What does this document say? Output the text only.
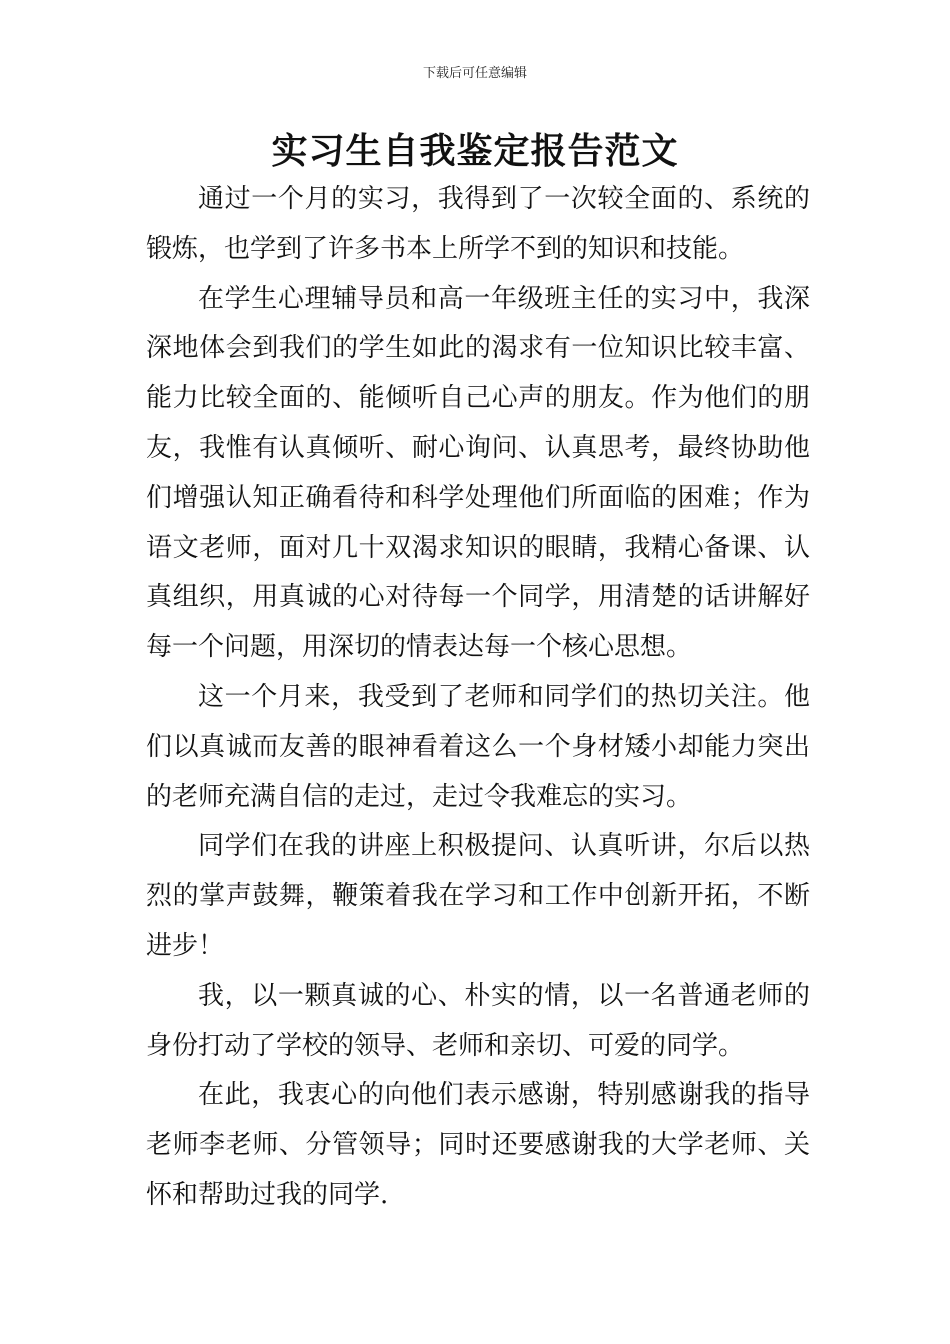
下载后可任意编辑
实习生自我鉴定报告范文

通过一个月的实习，我得到了一次较全面的、系统的锻炼，也学到了许多书本上所学不到的知识和技能。

在学生心理辅导员和高一年级班主任的实习中，我深深地体会到我们的学生如此的渴求有一位知识比较丰富、能力比较全面的、能倾听自己心声的朋友。作为他们的朋友，我惟有认真倾听、耐心询问、认真思考，最终协助他们增强认知正确看待和科学处理他们所面临的困难；作为语文老师，面对几十双渴求知识的眼睛，我精心备课、认真组织，用真诚的心对待每一个同学，用清楚的话讲解好每一个问题，用深切的情表达每一个核心思想。

这一个月来，我受到了老师和同学们的热切关注。他们以真诚而友善的眼神看着这么一个身材矮小却能力突出的老师充满自信的走过，走过令我难忘的实习。

同学们在我的讲座上积极提问、认真听讲，尔后以热烈的掌声鼓舞，鞭策着我在学习和工作中创新开拓，不断进步！

我，以一颗真诚的心、朴实的情，以一名普通老师的身份打动了学校的领导、老师和亲切、可爱的同学。

在此，我衷心的向他们表示感谢，特别感谢我的指导老师李老师、分管领导；同时还要感谢我的大学老师、关怀和帮助过我的同学.
